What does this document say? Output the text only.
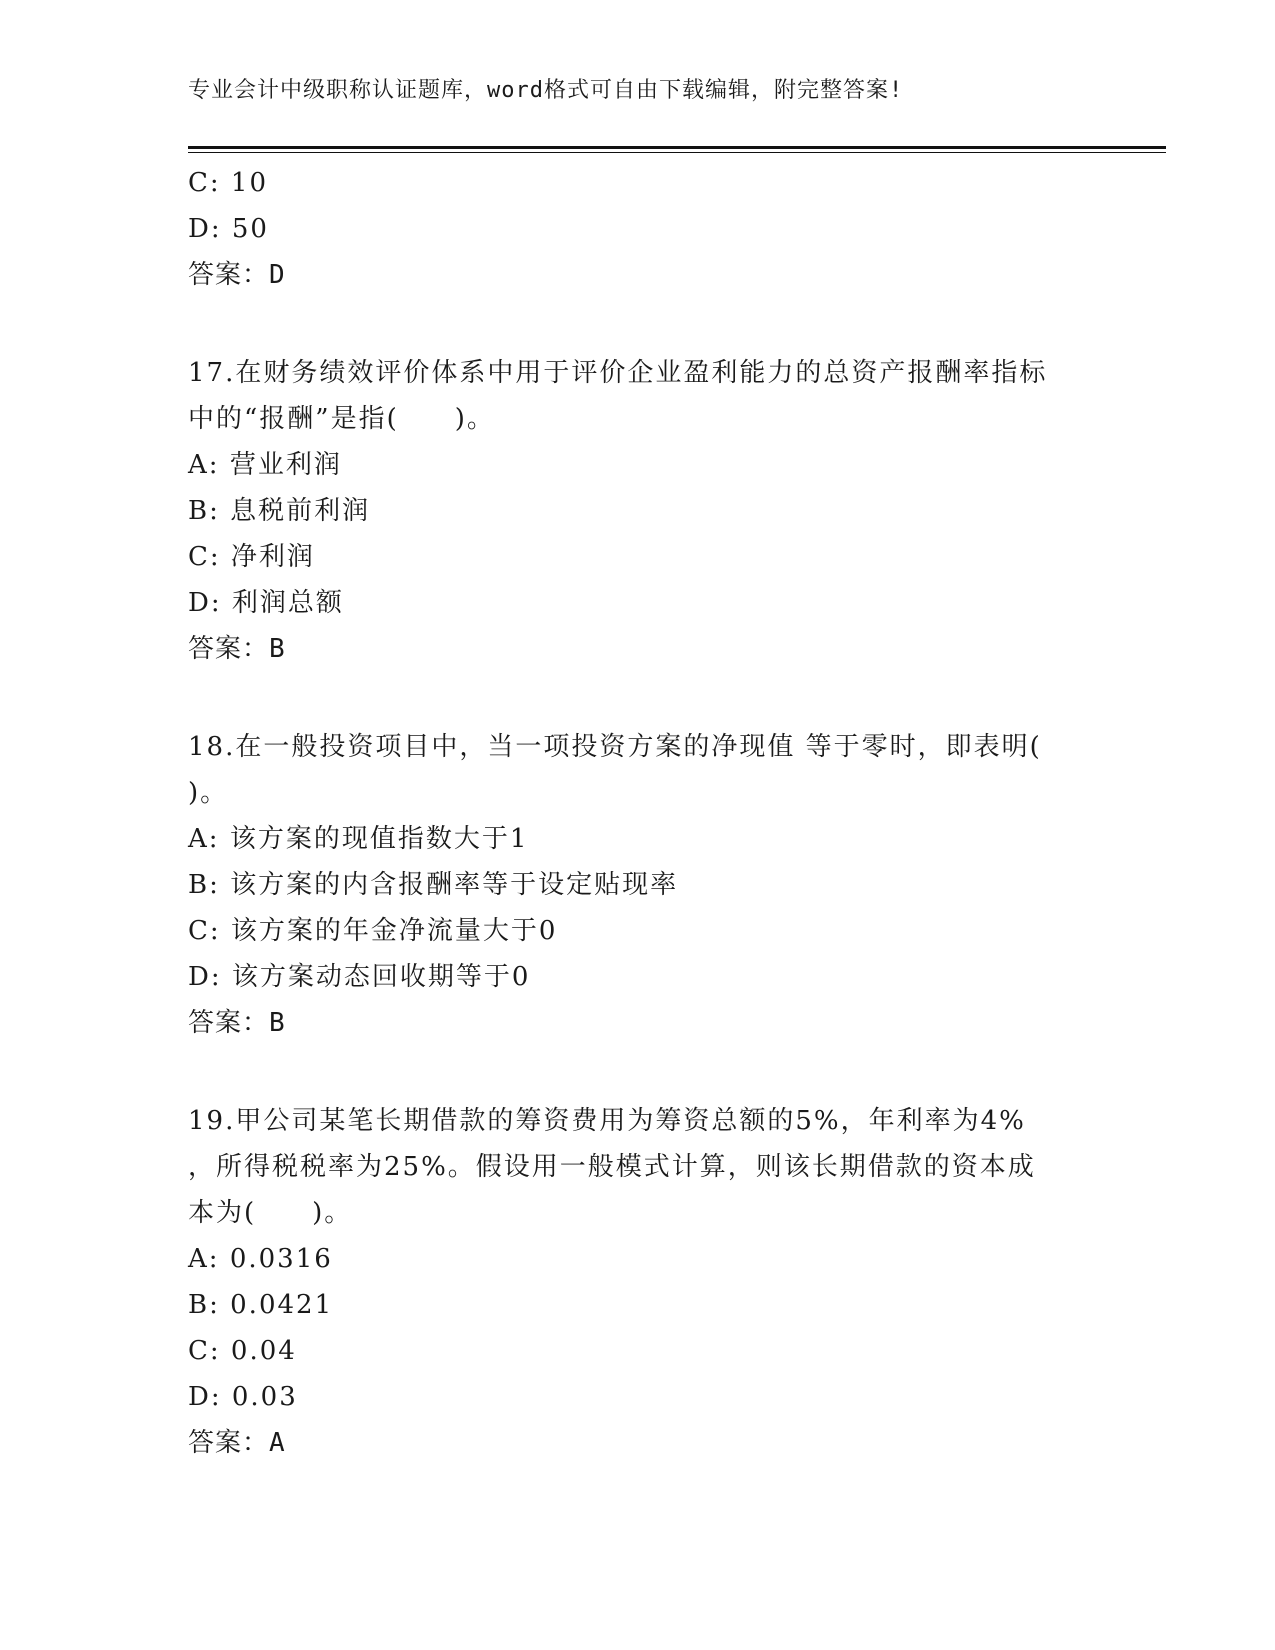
专业会计中级职称认证题库，word格式可自由下载编辑，附完整答案!
C: 10
D: 50
答案：D
17.在财务绩效评价体系中用于评价企业盈利能力的总资产报酬率指标
中的“报酬”是指(　　)。
A: 营业利润
B: 息税前利润
C: 净利润
D: 利润总额
答案：B
18.在一般投资项目中，当一项投资方案的净现值 等于零时，即表明(
)。
A: 该方案的现值指数大于1
B: 该方案的内含报酬率等于设定贴现率
C: 该方案的年金净流量大于0
D: 该方案动态回收期等于0
答案：B
19.甲公司某笔长期借款的筹资费用为筹资总额的5%，年利率为4%
，所得税税率为25%。假设用一般模式计算，则该长期借款的资本成
本为(　　)。
A: 0.0316
B: 0.0421
C: 0.04
D: 0.03
答案：A
